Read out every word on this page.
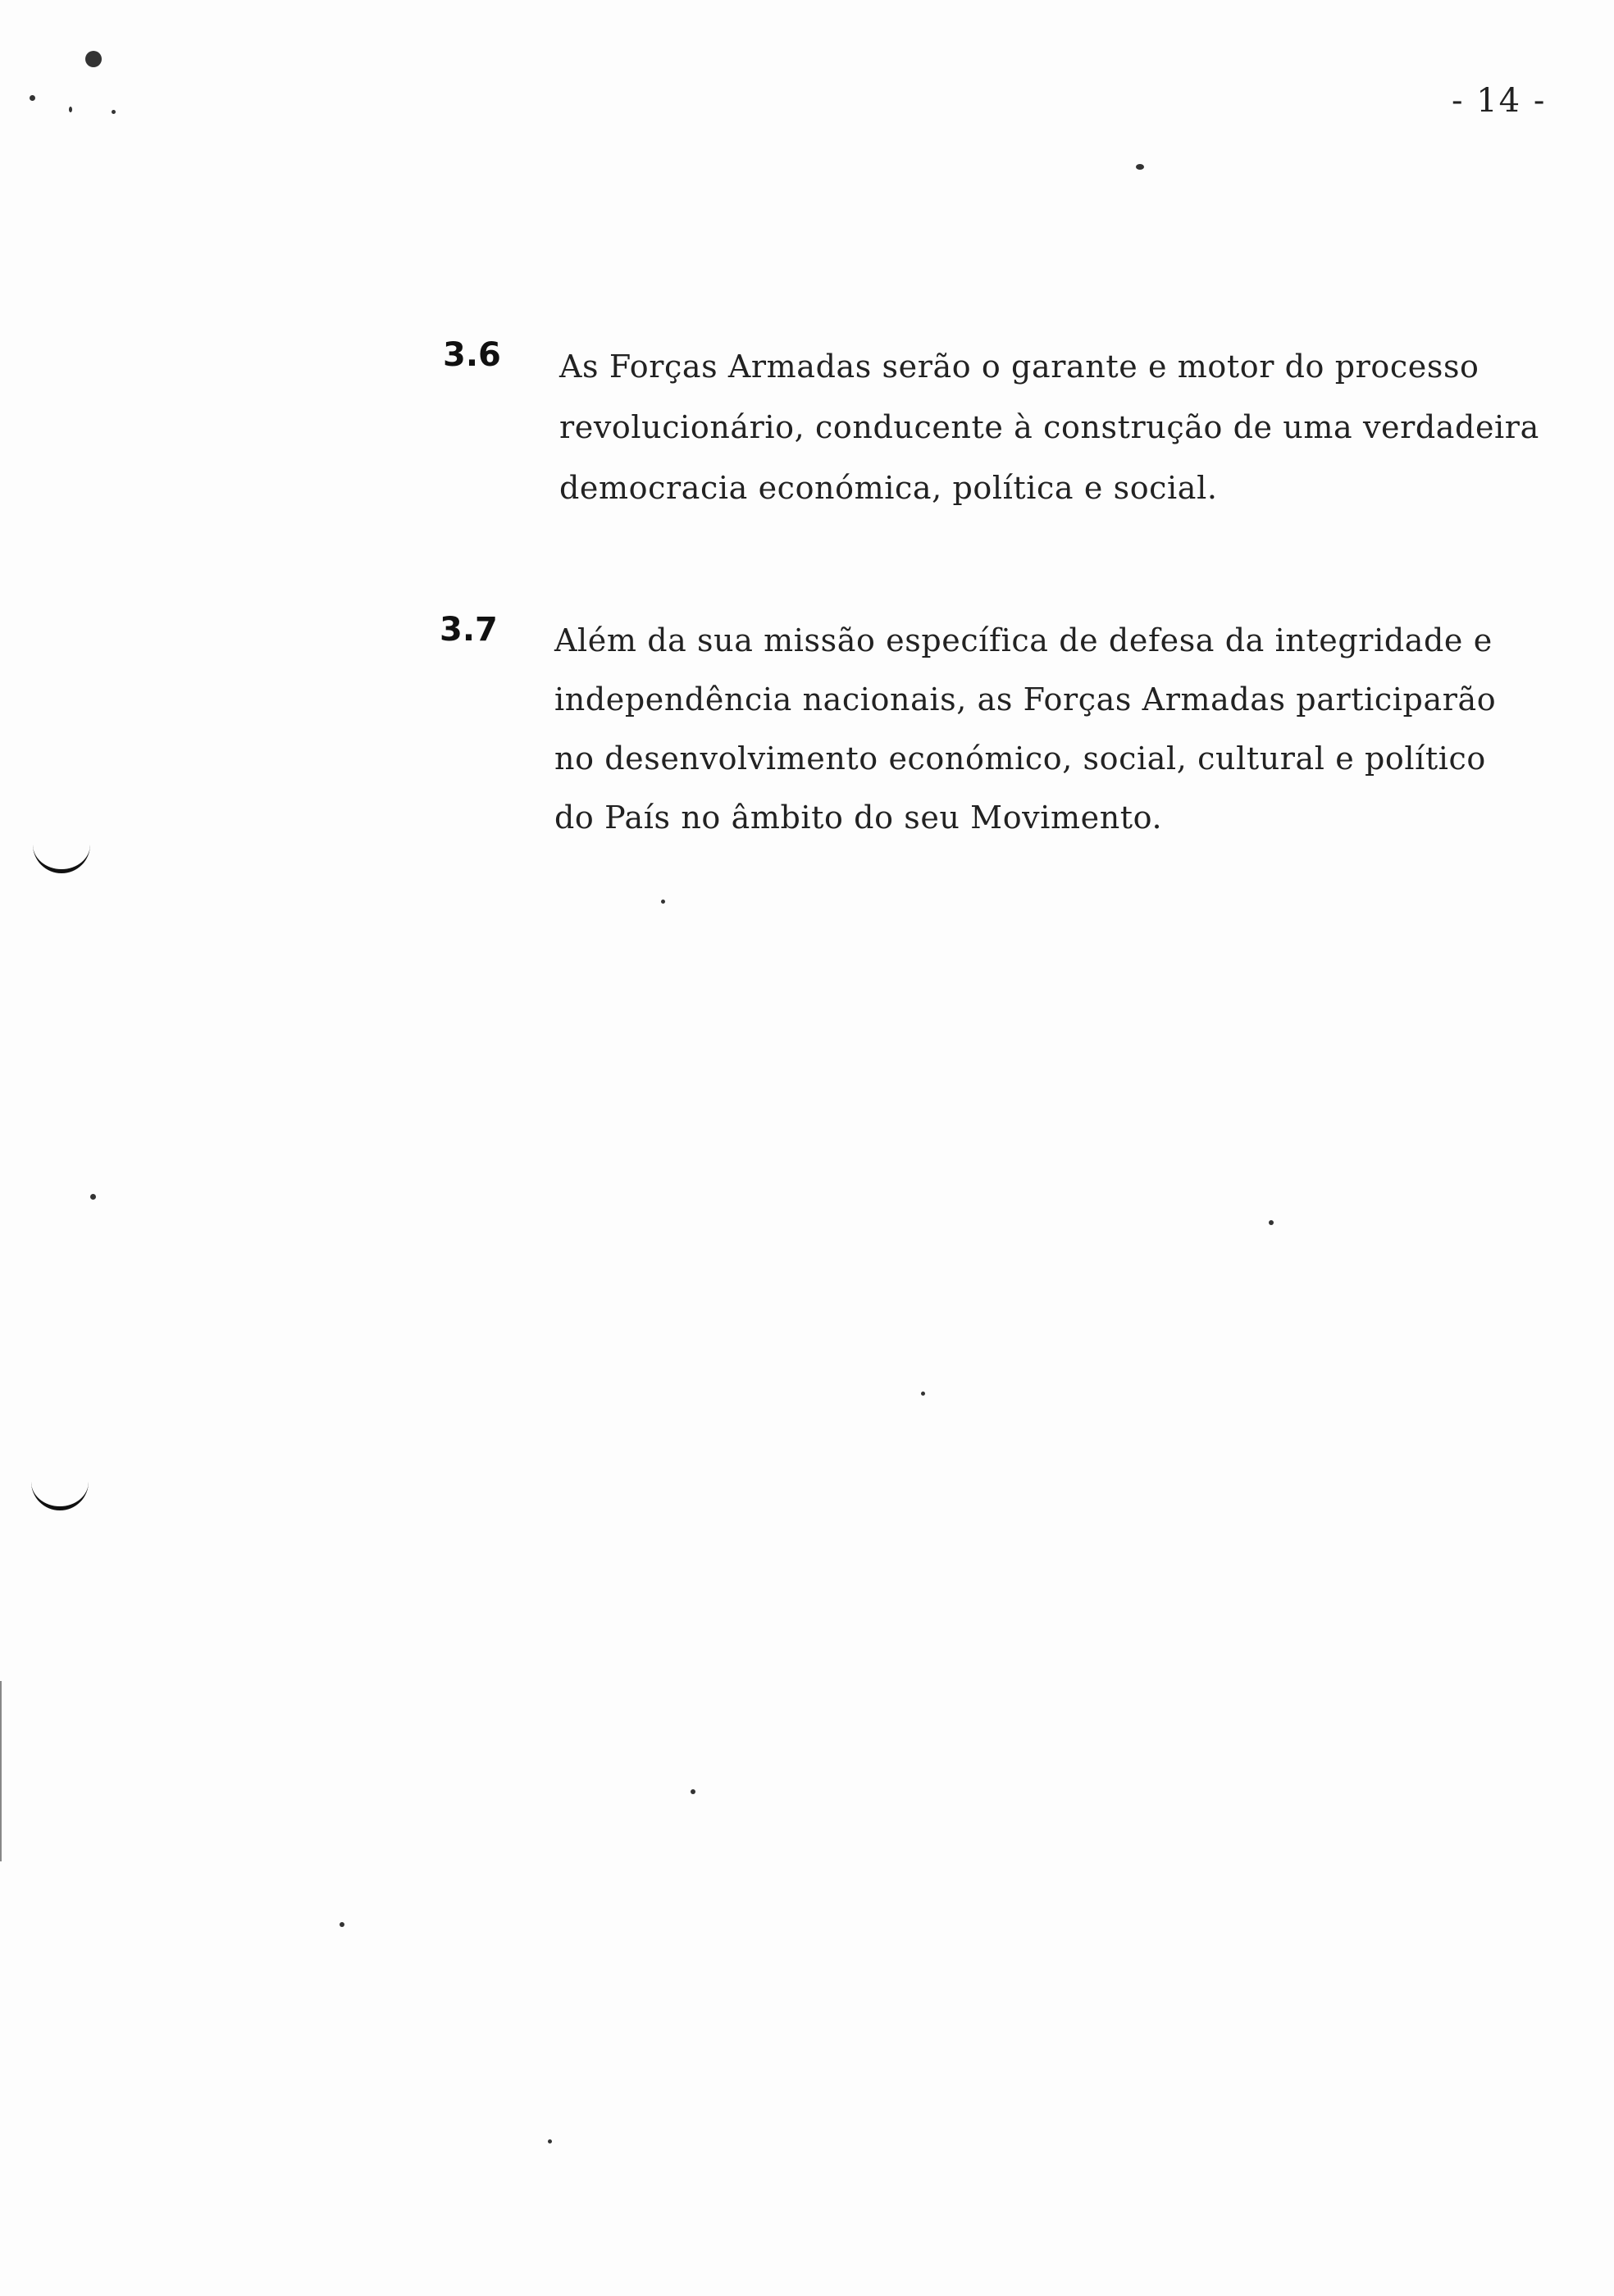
- 14 -
3.6 As Forças Armadas serão o garante e motor do processo
revolucionário, conducente à construção de uma verdadeira
democracia económica, política e social.
3.7 Além da sua missão específica de defesa da integridade e
independência nacionais, as Forças Armadas participarão
no desenvolvimento económico, social, cultural e político
do País no âmbito do seu Movimento.
